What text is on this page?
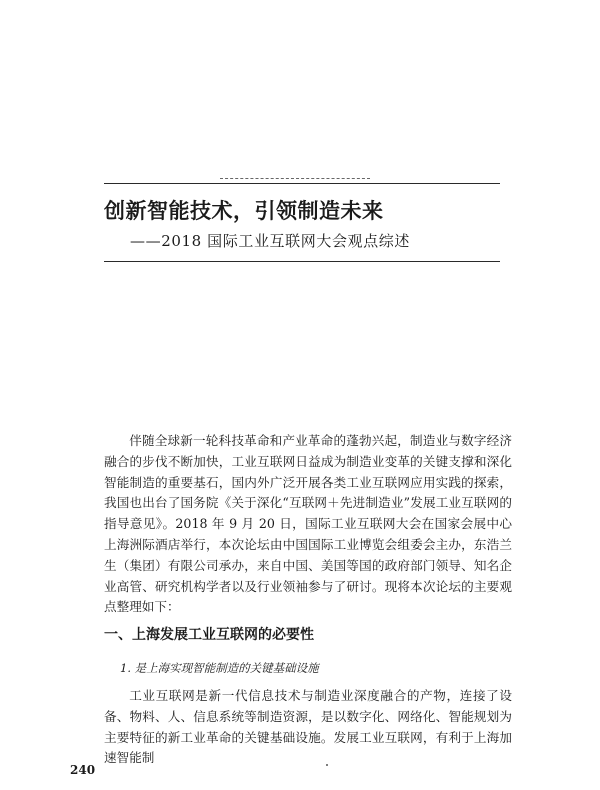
创新智能技术，引领制造未来
——2018 国际工业互联网大会观点综述

伴随全球新一轮科技革命和产业革命的蓬勃兴起，制造业与数字经济融合的步伐不断加快，工业互联网日益成为制造业变革的关键支撑和深化智能制造的重要基石，国内外广泛开展各类工业互联网应用实践的探索，我国也出台了国务院《关于深化“互联网＋先进制造业”发展工业互联网的指导意见》。2018 年 9 月 20 日，国际工业互联网大会在国家会展中心上海洲际酒店举行，本次论坛由中国国际工业博览会组委会主办，东浩兰生（集团）有限公司承办，来自中国、美国等国的政府部门领导、知名企业高管、研究机构学者以及行业领袖参与了研讨。现将本次论坛的主要观点整理如下：

一、上海发展工业互联网的必要性
1. 是上海实现智能制造的关键基础设施

工业互联网是新一代信息技术与制造业深度融合的产物，连接了设备、物料、人、信息系统等制造资源，是以数字化、网络化、智能规划为主要特征的新工业革命的关键基础设施。发展工业互联网，有利于上海加速智能制

240
